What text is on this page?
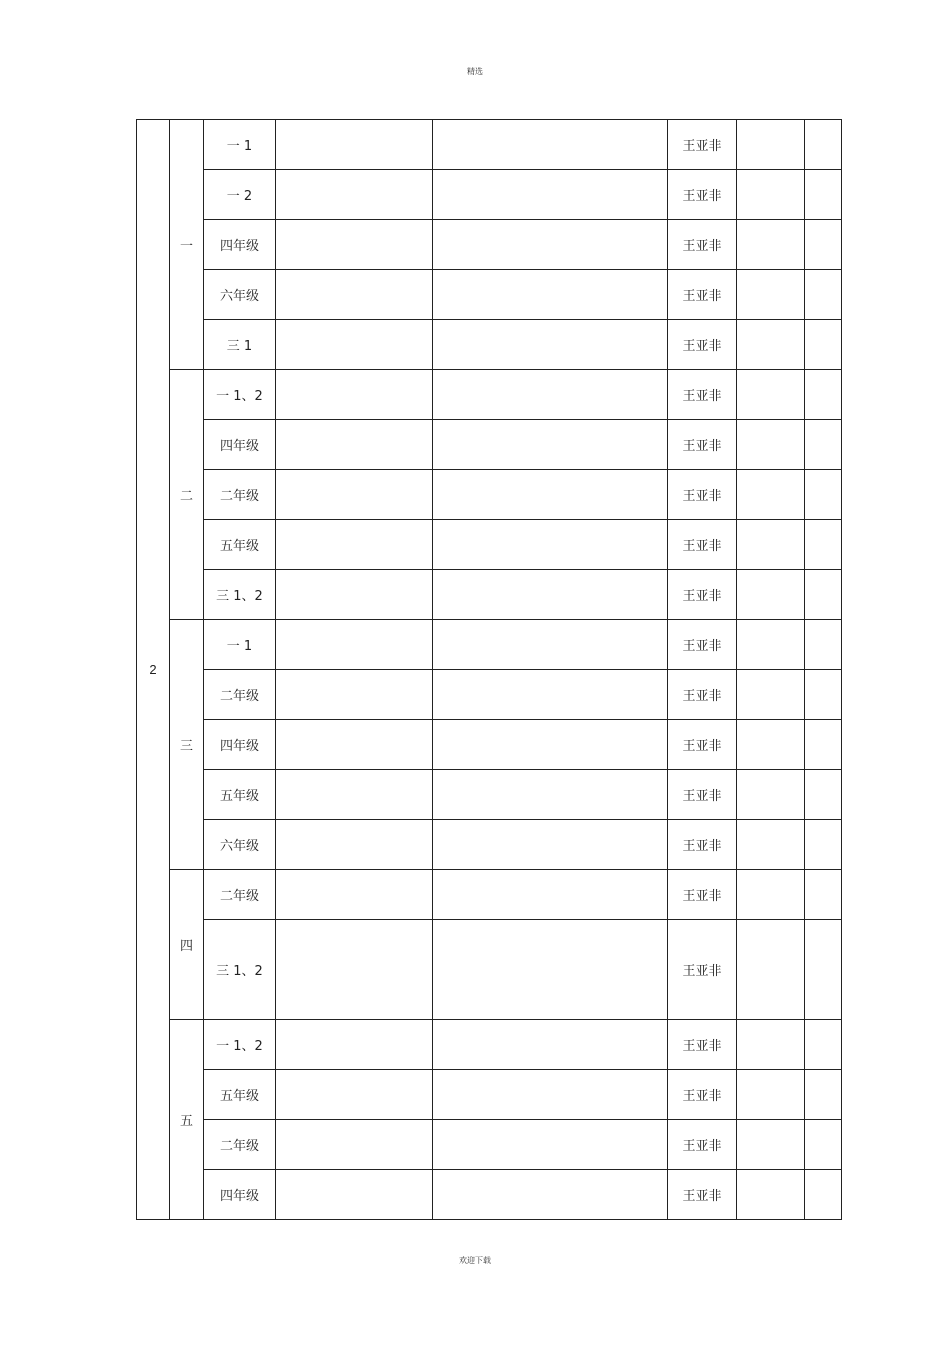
精选
2	一	一 1			王亚非		
		一 2			王亚非		
		四年级			王亚非		
		六年级			王亚非		
		三 1			王亚非		
	二	一 1、2			王亚非		
		四年级			王亚非		
		二年级			王亚非		
		五年级			王亚非		
		三 1、2			王亚非		
	三	一 1			王亚非		
		二年级			王亚非		
		四年级			王亚非		
		五年级			王亚非		
		六年级			王亚非		
	四	二年级			王亚非		
		三 1、2			王亚非		
	五	一 1、2			王亚非		
		五年级			王亚非		
		二年级			王亚非		
		四年级			王亚非		
欢迎下载
